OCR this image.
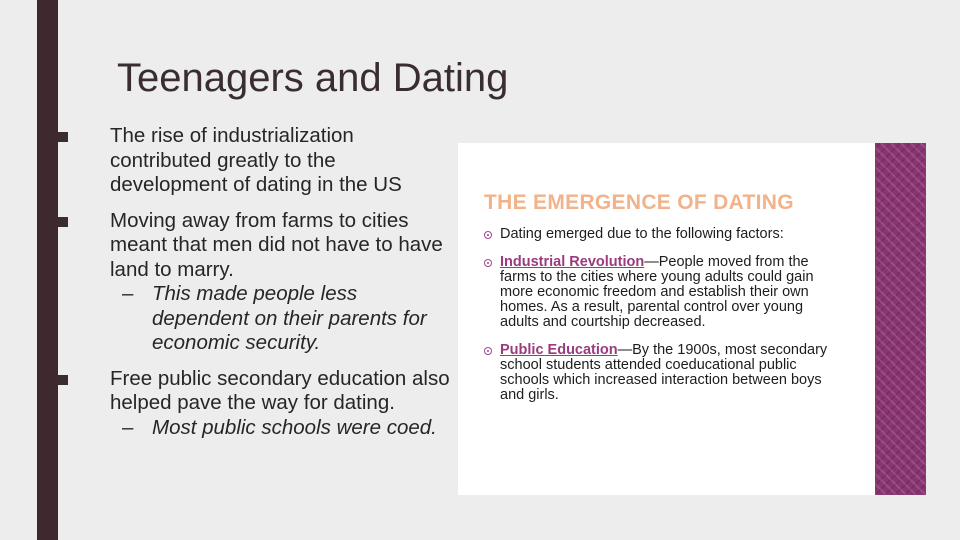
Teenagers and Dating
The rise of industrialization contributed greatly to the development of dating in the US
Moving away from farms to cities meant that men did not have to have land to marry.
– This made people less dependent on their parents for economic security.
Free public secondary education also helped pave the way for dating.
– Most public schools were coed.
THE EMERGENCE OF DATING
Dating emerged due to the following factors:
Industrial Revolution—People moved from the farms to the cities where young adults could gain more economic freedom and establish their own homes. As a result, parental control over young adults and courtship decreased.
Public Education—By the 1900s, most secondary school students attended coeducational public schools which increased interaction between boys and girls.
